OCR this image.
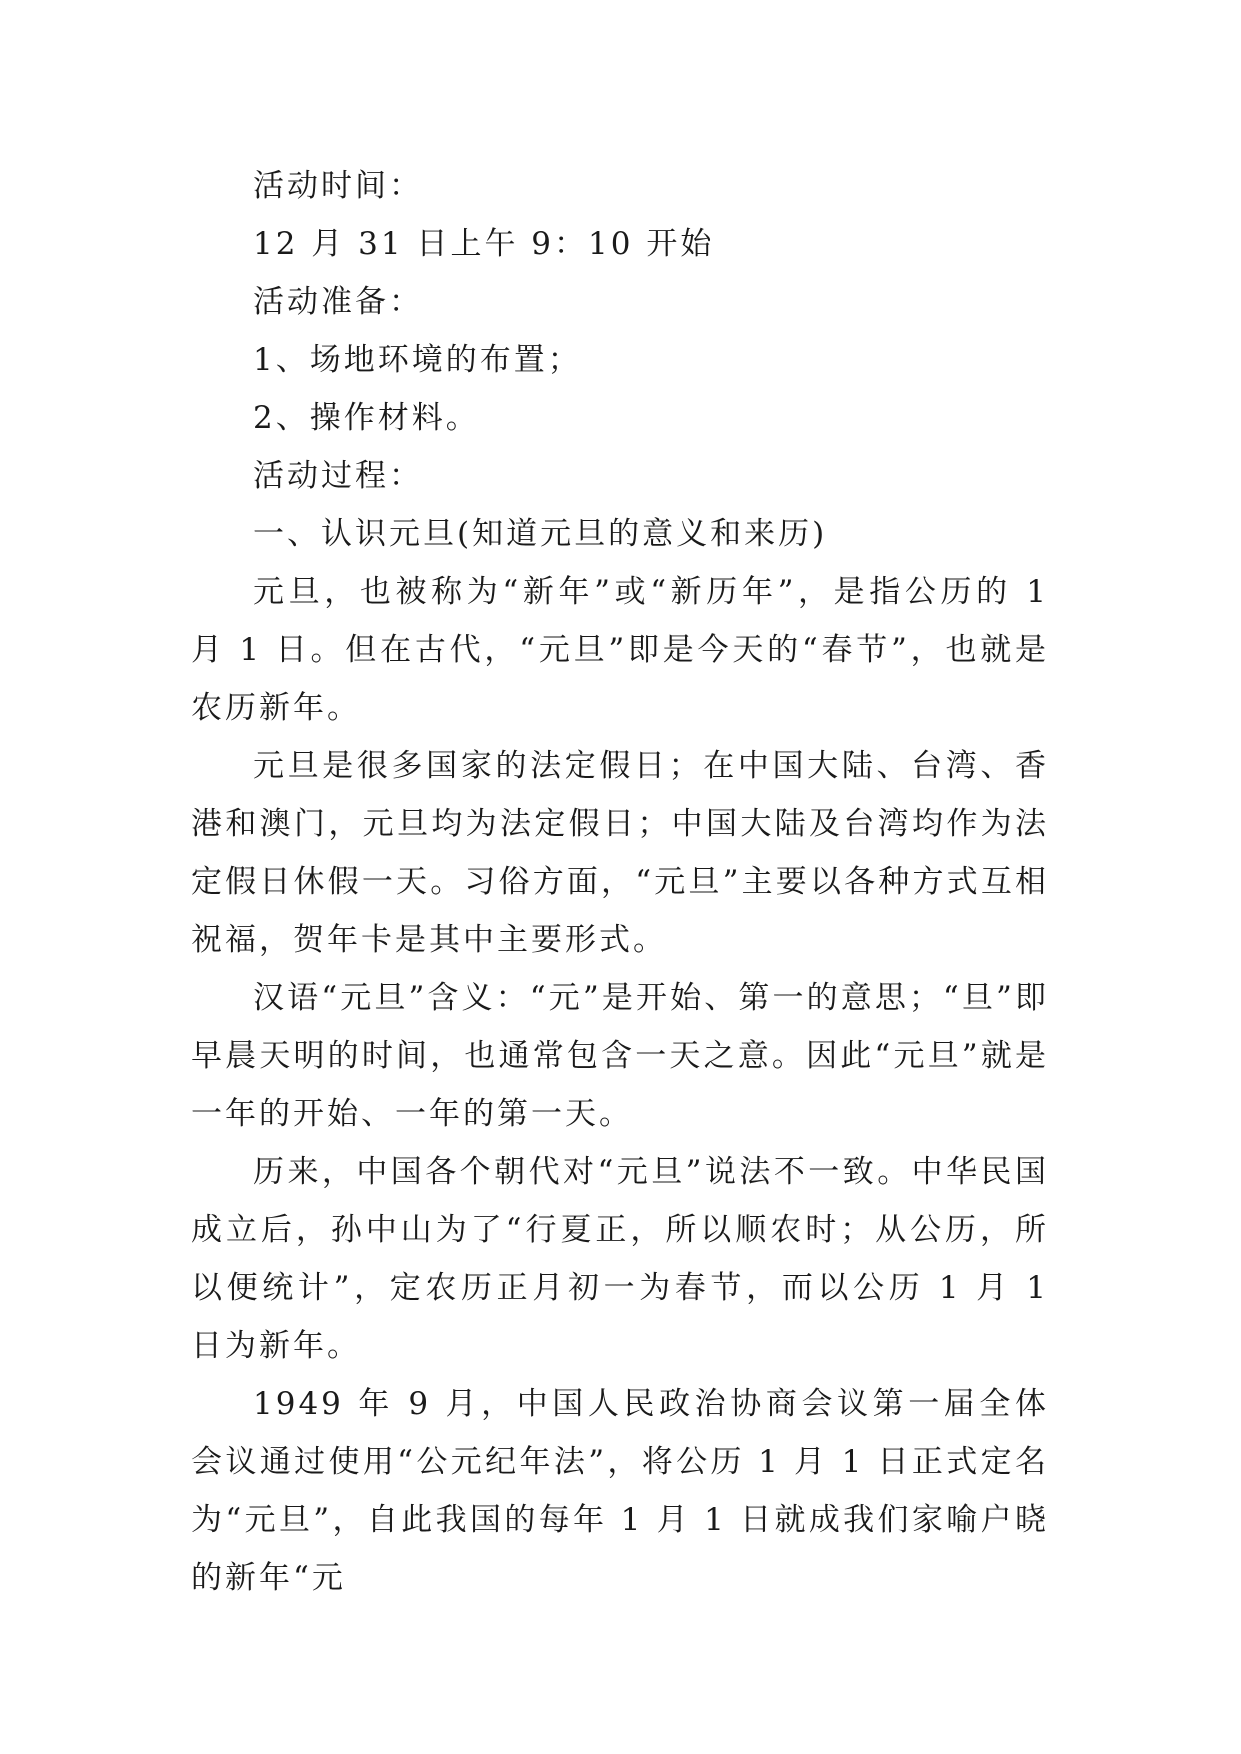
活动时间：
12 月 31 日上午 9：10 开始
活动准备：
1、场地环境的布置；
2、操作材料。
活动过程：
一、认识元旦(知道元旦的意义和来历)

元旦，也被称为“新年”或“新历年”，是指公历的 1 月 1 日。但在古代，“元旦”即是今天的“春节”，也就是农历新年。

元旦是很多国家的法定假日；在中国大陆、台湾、香港和澳门，元旦均为法定假日；中国大陆及台湾均作为法定假日休假一天。习俗方面，“元旦”主要以各种方式互相祝福，贺年卡是其中主要形式。

汉语“元旦”含义：“元”是开始、第一的意思；“旦”即早晨天明的时间，也通常包含一天之意。因此“元旦”就是一年的开始、一年的第一天。

历来，中国各个朝代对“元旦”说法不一致。中华民国成立后，孙中山为了“行夏正，所以顺农时；从公历，所以便统计”，定农历正月初一为春节，而以公历 1 月 1 日为新年。

1949 年 9 月，中国人民政治协商会议第一届全体会议通过使用“公元纪年法”，将公历 1 月 1 日正式定名为“元旦”，自此我国的每年 1 月 1 日就成我们家喻户晓的新年“元
